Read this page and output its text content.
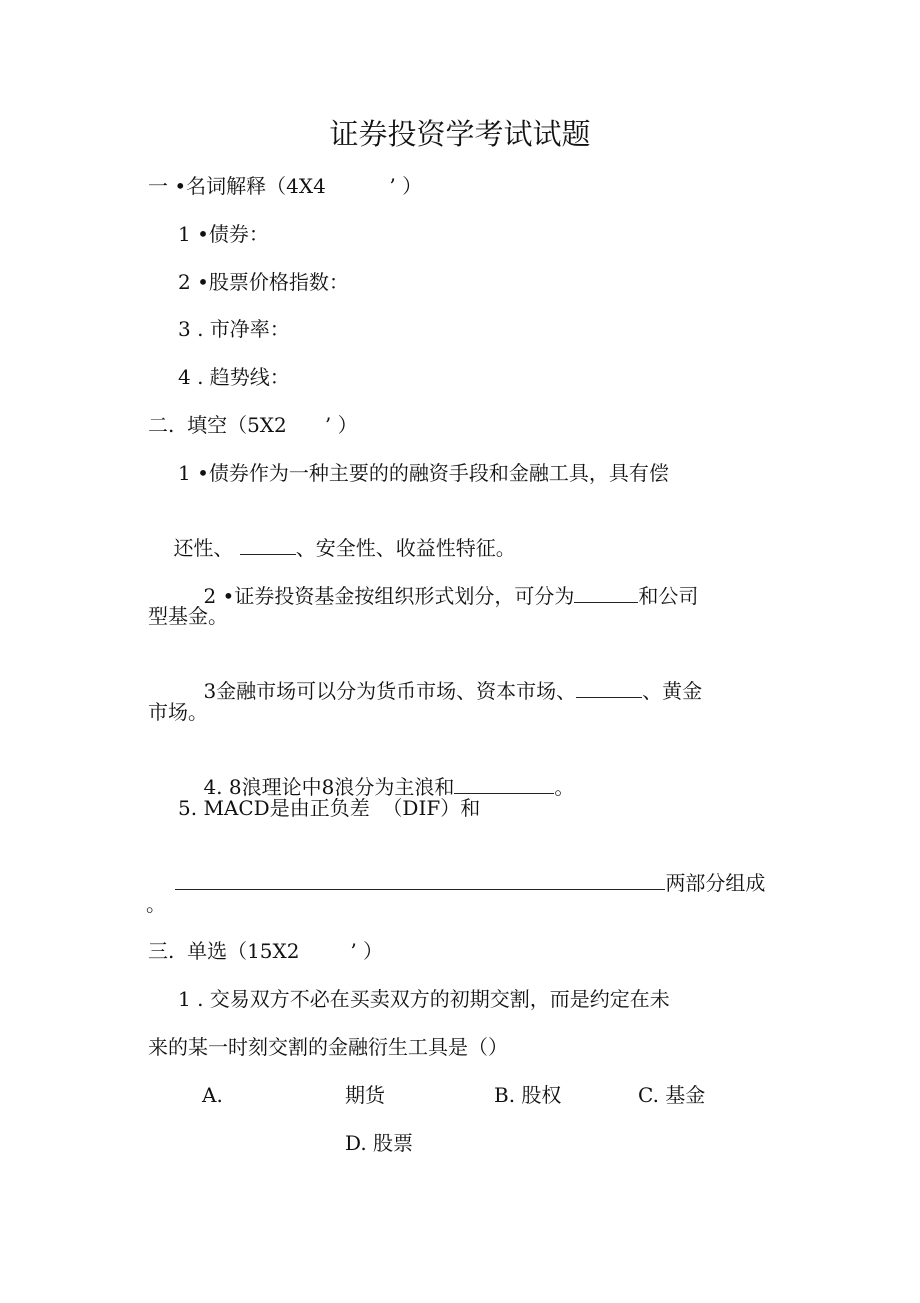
证券投资学考试试题
一 •名词解释（4X4          ’ ）
1 •债券：
2 •股票价格指数：
3 . 市净率：
4 . 趋势线：
二.  填空（5X2      ’ ）
1 •债券作为一种主要的的融资手段和金融工具，具有偿

还性、	、安全性、收益性特征。

2 •证券投资基金按组织形式划分，可分为	和公司

型基金。

3金融市场可以分为货币市场、资本市场、	、黄金

市场。

4. 8浪理论中8浪分为主浪和	。

5. MACD是由正负差  （DIF）和

两部分组成

。
三.  单选（15X2        ’ ）
1 . 交易双方不必在买卖双方的初期交割，而是约定在未
来的某一时刻交割的金融衍生工具是（）
A.	期货	B. 股权	C. 基金
D. 股票
